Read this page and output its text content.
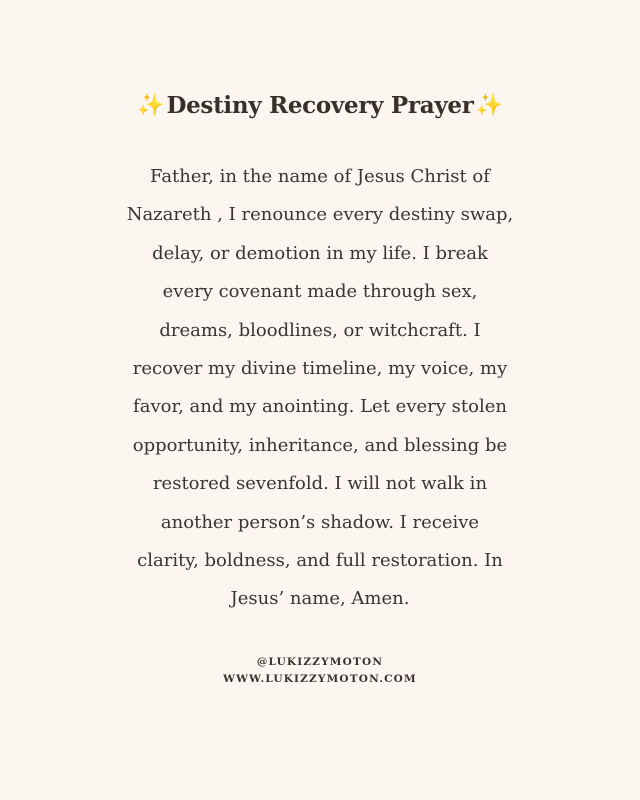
✨Destiny Recovery Prayer✨
Father, in the name of Jesus Christ of
Nazareth , I renounce every destiny swap,
delay, or demotion in my life. I break
every covenant made through sex,
dreams, bloodlines, or witchcraft. I
recover my divine timeline, my voice, my
favor, and my anointing. Let every stolen
opportunity, inheritance, and blessing be
restored sevenfold. I will not walk in
another person’s shadow. I receive
clarity, boldness, and full restoration. In
Jesus’ name, Amen.
@LUKIZZYMOTON
WWW.LUKIZZYMOTON.COM
